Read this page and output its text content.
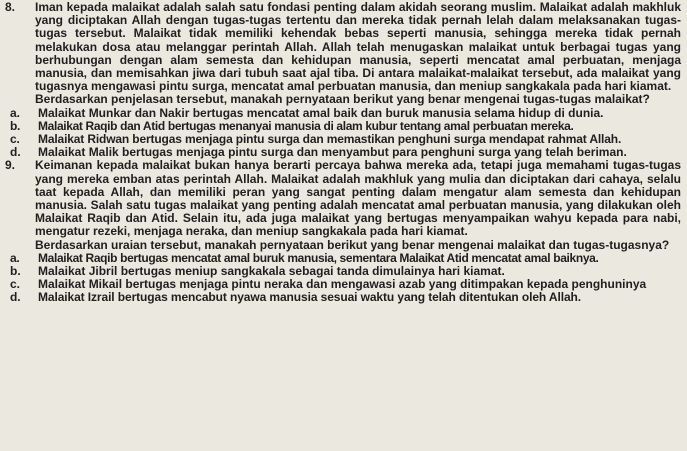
8.	Iman kepada malaikat adalah salah satu fondasi penting dalam akidah seorang muslim. Malaikat adalah makhluk yang diciptakan Allah dengan tugas-tugas tertentu dan mereka tidak pernah lelah dalam melaksanakan tugas-tugas tersebut. Malaikat tidak memiliki kehendak bebas seperti manusia, sehingga mereka tidak pernah melakukan dosa atau melanggar perintah Allah. Allah telah menugaskan malaikat untuk berbagai tugas yang berhubungan dengan alam semesta dan kehidupan manusia, seperti mencatat amal perbuatan, menjaga manusia, dan memisahkan jiwa dari tubuh saat ajal tiba. Di antara malaikat-malaikat tersebut, ada malaikat yang tugasnya mengawasi pintu surga, mencatat amal perbuatan manusia, dan meniup sangkakala pada hari kiamat.
Berdasarkan penjelasan tersebut, manakah pernyataan berikut yang benar mengenai tugas-tugas malaikat?
a.	Malaikat Munkar dan Nakir bertugas mencatat amal baik dan buruk manusia selama hidup di dunia.
b.	Malaikat Raqib dan Atid bertugas menanyai manusia di alam kubur tentang amal perbuatan mereka.
c.	Malaikat Ridwan bertugas menjaga pintu surga dan memastikan penghuni surga mendapat rahmat Allah.
d.	Malaikat Malik bertugas menjaga pintu surga dan menyambut para penghuni surga yang telah beriman.
9.	Keimanan kepada malaikat bukan hanya berarti percaya bahwa mereka ada, tetapi juga memahami tugas-tugas yang mereka emban atas perintah Allah. Malaikat adalah makhluk yang mulia dan diciptakan dari cahaya, selalu taat kepada Allah, dan memiliki peran yang sangat penting dalam mengatur alam semesta dan kehidupan manusia. Salah satu tugas malaikat yang penting adalah mencatat amal perbuatan manusia, yang dilakukan oleh Malaikat Raqib dan Atid. Selain itu, ada juga malaikat yang bertugas menyampaikan wahyu kepada para nabi, mengatur rezeki, menjaga neraka, dan meniup sangkakala pada hari kiamat.
Berdasarkan uraian tersebut, manakah pernyataan berikut yang benar mengenai malaikat dan tugas-tugasnya?
a.	Malaikat Raqib bertugas mencatat amal buruk manusia, sementara Malaikat Atid mencatat amal baiknya.
b.	Malaikat Jibril bertugas meniup sangkakala sebagai tanda dimulainya hari kiamat.
c.	Malaikat Mikail bertugas menjaga pintu neraka dan mengawasi azab yang ditimpakan kepada penghuninya
d.	Malaikat Izrail bertugas mencabut nyawa manusia sesuai waktu yang telah ditentukan oleh Allah.
